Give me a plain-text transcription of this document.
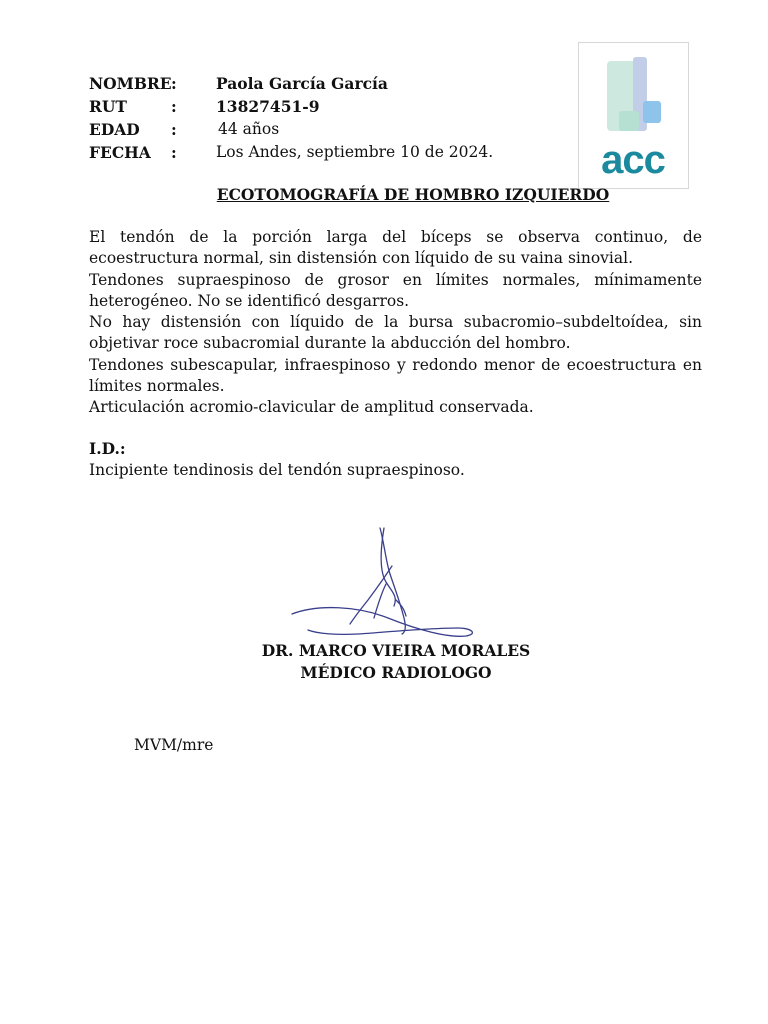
NOMBRE :	Paola García García
RUT	:	13827451-9
EDAD :	44 años
FECHA :	Los Andes, septiembre 10 de 2024.	acc
ECOTOMOGRAFÍA DE HOMBRO IZQUIERDO

El tendón de la porción larga del bíceps se observa continuo, de ecoestructura normal, sin distensión con líquido de su vaina sinovial.

Tendones supraespinoso de grosor en límites normales, mínimamente heterogéneo. No se identificó desgarros.

No hay distensión con líquido de la bursa subacromio–subdeltoídea, sin objetivar roce subacromial durante la abducción del hombro.

Tendones subescapular, infraespinoso y redondo menor de ecoestructura en límites normales.

Articulación acromio-clavicular de amplitud conservada.

I.D.:
Incipiente tendinosis del tendón supraespinoso.
DR. MARCO VIEIRA MORALES
MÉDICO RADIOLOGO
MVM/mre
